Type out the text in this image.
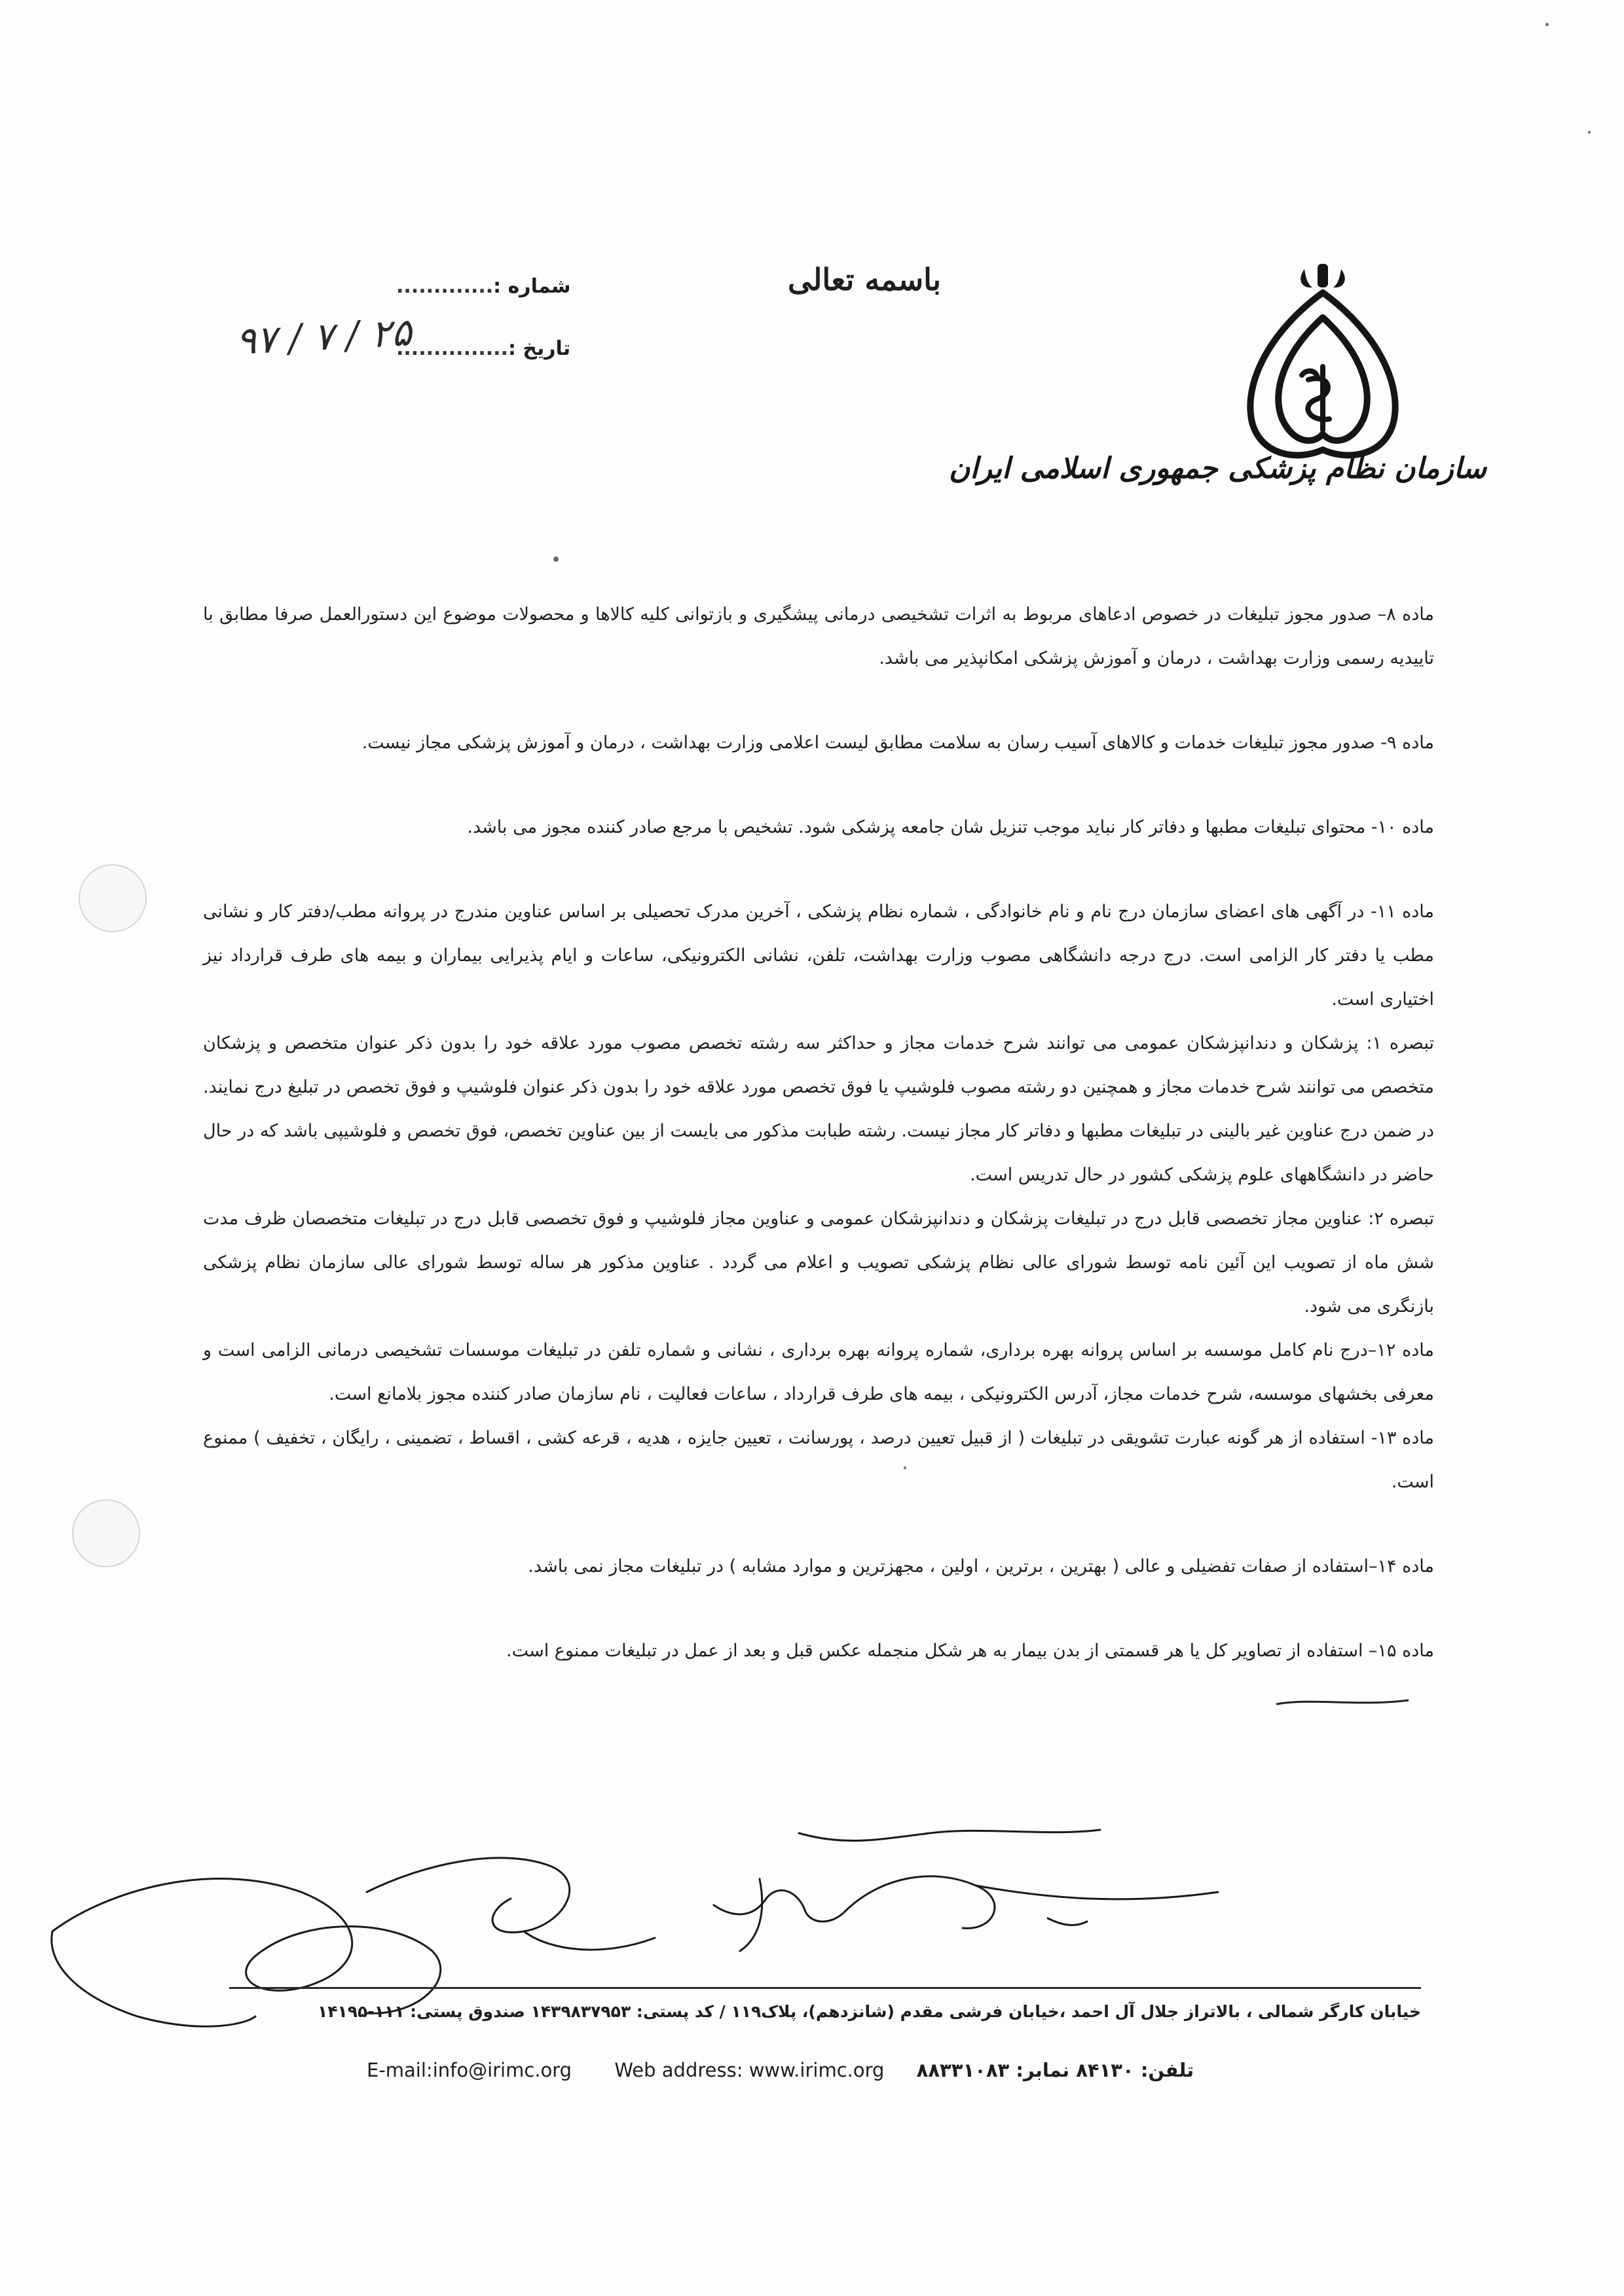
سازمان نظام پزشکی جمهوری اسلامی ایران
باسمه تعالی
شماره :.............
تاریخ :...............
۹۷ / ۷ / ۲۵

ماده ۸– صدور مجوز تبلیغات در خصوص ادعاهای مربوط به اثرات تشخیصی درمانی پیشگیری و بازتوانی کلیه کالاها و محصولات موضوع این دستورالعمل صرفا مطابق با تاییدیه رسمی وزارت بهداشت ، درمان و آموزش پزشکی امکانپذیر می باشد.

ماده ۹- صدور مجوز تبلیغات خدمات و کالاهای آسیب رسان به سلامت مطابق لیست اعلامی وزارت بهداشت ، درمان و آموزش پزشکی مجاز نیست.

ماده ۱۰- محتوای تبلیغات مطبها و دفاتر کار نباید موجب تنزیل شان جامعه پزشکی شود. تشخیص با مرجع صادر کننده مجوز می باشد.

ماده ۱۱- در آگهی های اعضای سازمان درج نام و نام خانوادگی ، شماره نظام پزشکی ، آخرین مدرک تحصیلی بر اساس عناوین مندرج در پروانه مطب/دفتر کار و نشانی مطب یا دفتر کار الزامی است. درج درجه دانشگاهی مصوب وزارت بهداشت، تلفن، نشانی الکترونیکی، ساعات و ایام پذیرایی بیماران و بیمه های طرف قرارداد نیز اختیاری است.

تبصره ۱: پزشکان و دندانپزشکان عمومی می توانند شرح خدمات مجاز و حداکثر سه رشته تخصص مصوب مورد علاقه خود را بدون ذکر عنوان متخصص و پزشکان متخصص می توانند شرح خدمات مجاز و همچنین دو رشته مصوب فلوشیپ یا فوق تخصص مورد علاقه خود را بدون ذکر عنوان فلوشیپ و فوق تخصص در تبلیغ درج نمایند. در ضمن درج عناوین غیر بالینی در تبلیغات مطبها و دفاتر کار مجاز نیست. رشته طبابت مذکور می بایست از بین عناوین تخصص، فوق تخصص و فلوشیپی باشد که در حال حاضر در دانشگاههای علوم پزشکی کشور در حال تدریس است.

تبصره ۲: عناوین مجاز تخصصی قابل درج در تبلیغات پزشکان و دندانپزشکان عمومی و عناوین مجاز فلوشیپ و فوق تخصصی قابل درج در تبلیغات متخصصان ظرف مدت شش ماه از تصویب این آئین نامه توسط شورای عالی نظام پزشکی تصویب و اعلام می گردد . عناوین مذکور هر ساله توسط شورای عالی سازمان نظام پزشکی بازنگری می شود.

ماده ۱۲–درج نام کامل موسسه بر اساس پروانه بهره برداری، شماره پروانه بهره برداری ، نشانی و شماره تلفن در تبلیغات موسسات تشخیصی درمانی الزامی است و معرفی بخشهای موسسه، شرح خدمات مجاز، آدرس الکترونیکی ، بیمه های طرف قرارداد ، ساعات فعالیت ، نام سازمان صادر کننده مجوز بلامانع است.

ماده ۱۳- استفاده از هر گونه عبارت تشویقی در تبلیغات ( از قبیل تعیین درصد ، پورسانت ، تعیین جایزه ، هدیه ، قرعه کشی ، اقساط ، تضمینی ، رایگان ، تخفیف ) ممنوع است.

ماده ۱۴–استفاده از صفات تفضیلی و عالی ( بهترین ، برترین ، اولین ، مجهزترین و موارد مشابه ) در تبلیغات مجاز نمی باشد.

ماده ۱۵– استفاده از تصاویر کل یا هر قسمتی از بدن بیمار به هر شکل منجمله عکس قبل و بعد از عمل در تبلیغات ممنوع است.

خیابان کارگر شمالی ، بالاتراز جلال آل احمد ،خیابان فرشی مقدم (شانزدهم)، پلاک۱۱۹ / کد پستی: ۱۴۳۹۸۳۷۹۵۳ صندوق پستی: ۱۱۱-۱۴۱۹۵
E-mail:info@irimc.org Web address: www.irimc.org تلفن: ۸۴۱۳۰ نمابر: ۸۸۳۳۱۰۸۳
